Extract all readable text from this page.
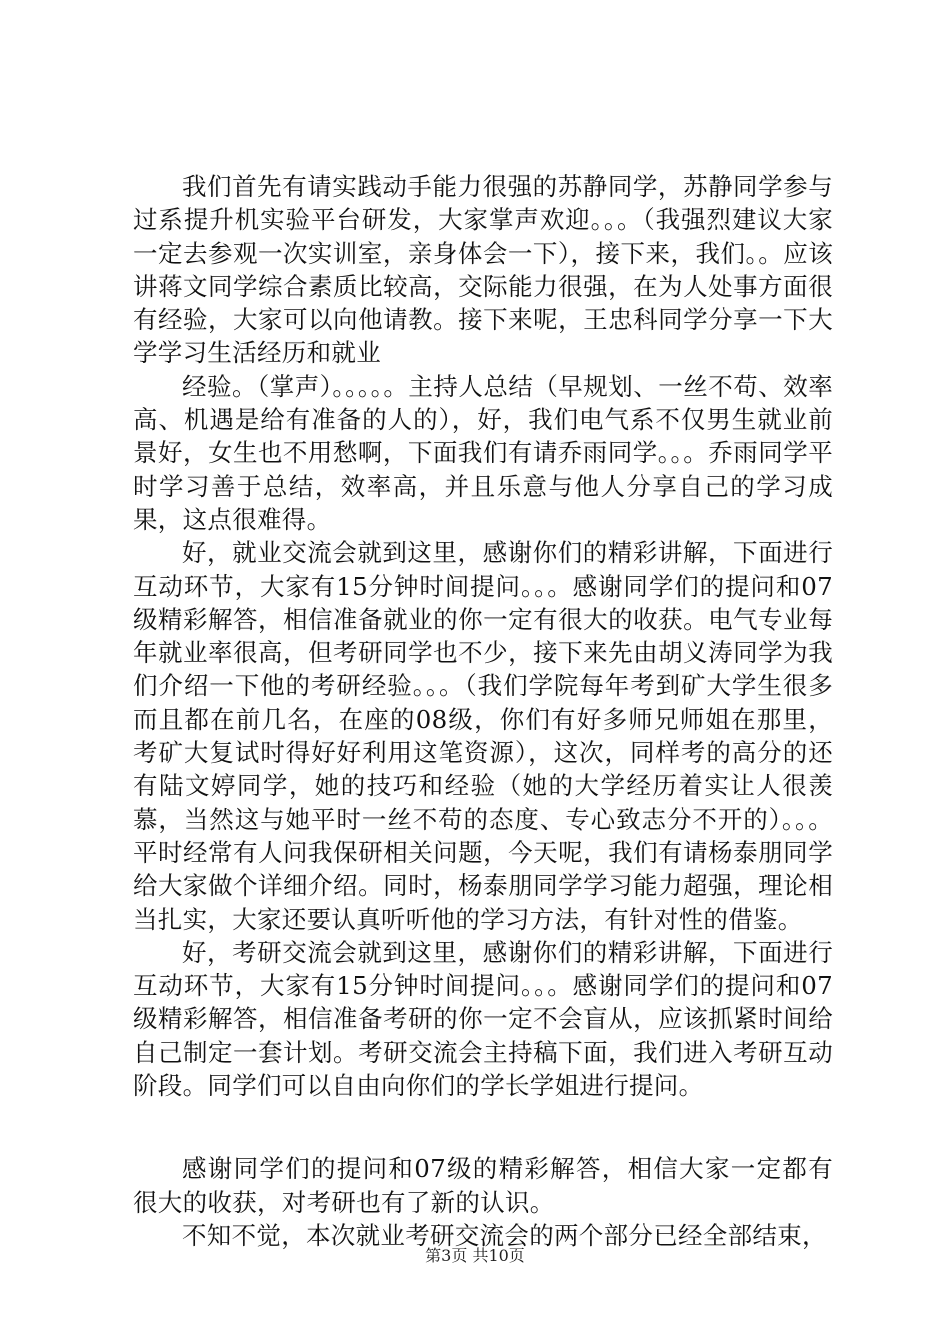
我们首先有请实践动手能力很强的苏静同学，苏静同学参与过系提升机实验平台研发，大家掌声欢迎。。。（我强烈建议大家一定去参观一次实训室，亲身体会一下），接下来，我们。。应该讲蒋文同学综合素质比较高，交际能力很强，在为人处事方面很有经验，大家可以向他请教。接下来呢，王忠科同学分享一下大学学习生活经历和就业

经验。（掌声）。。。。。主持人总结（早规划、一丝不苟、效率高、机遇是给有准备的人的），好，我们电气系不仅男生就业前景好，女生也不用愁啊，下面我们有请乔雨同学。。。乔雨同学平时学习善于总结，效率高，并且乐意与他人分享自己的学习成果，这点很难得。

好，就业交流会就到这里，感谢你们的精彩讲解，下面进行互动环节，大家有15分钟时间提问。。。感谢同学们的提问和07级精彩解答，相信准备就业的你一定有很大的收获。电气专业每年就业率很高，但考研同学也不少，接下来先由胡义涛同学为我们介绍一下他的考研经验。。。（我们学院每年考到矿大学生很多而且都在前几名，在座的08级，你们有好多师兄师姐在那里，考矿大复试时得好好利用这笔资源），这次，同样考的高分的还有陆文婷同学，她的技巧和经验（她的大学经历着实让人很羡慕，当然这与她平时一丝不苟的态度、专心致志分不开的）。。。平时经常有人问我保研相关问题，今天呢，我们有请杨泰朋同学给大家做个详细介绍。同时，杨泰朋同学学习能力超强，理论相当扎实，大家还要认真听听他的学习方法，有针对性的借鉴。

好，考研交流会就到这里，感谢你们的精彩讲解，下面进行互动环节，大家有15分钟时间提问。。。感谢同学们的提问和07级精彩解答，相信准备考研的你一定不会盲从，应该抓紧时间给自己制定一套计划。考研交流会主持稿下面，我们进入考研互动阶段。同学们可以自由向你们的学长学姐进行提问。

感谢同学们的提问和07级的精彩解答，相信大家一定都有很大的收获，对考研也有了新的认识。

不知不觉，本次就业考研交流会的两个部分已经全部结束，

第3页 共10页
